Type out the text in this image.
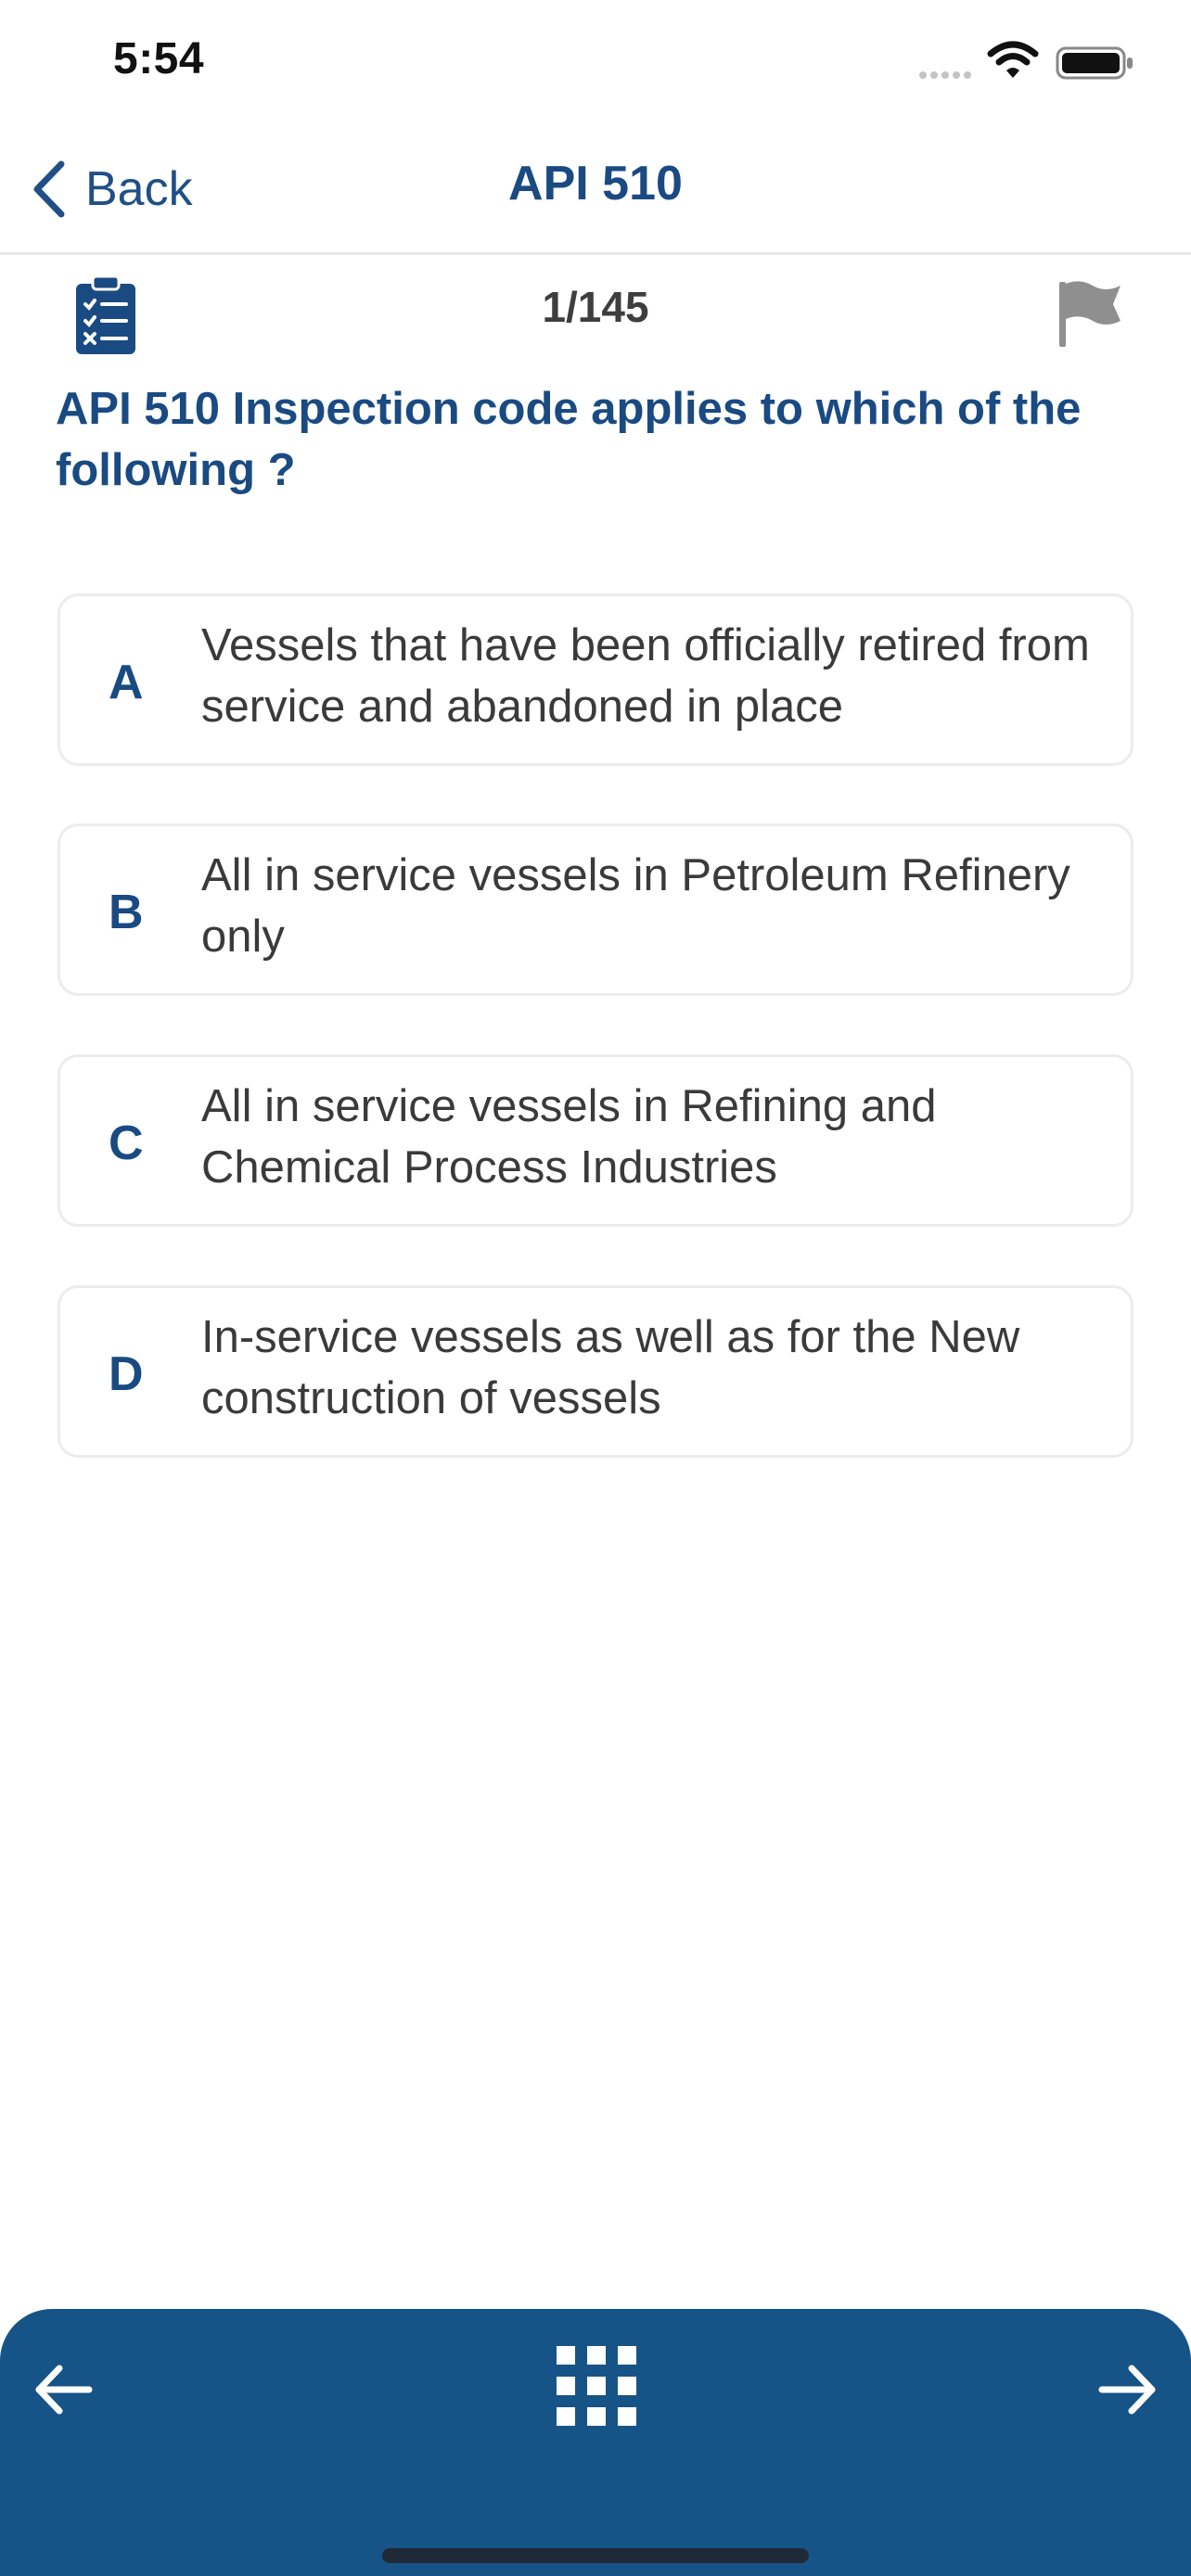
5:54
Back	API 510
1/145
API 510 Inspection code applies to which of the following ?
A
Vessels that have been officially retired from service and abandoned in place
B
All in service vessels in Petroleum Refinery only
C
All in service vessels in Refining and Chemical Process Industries
D
In-service vessels as well as for the New construction of vessels
